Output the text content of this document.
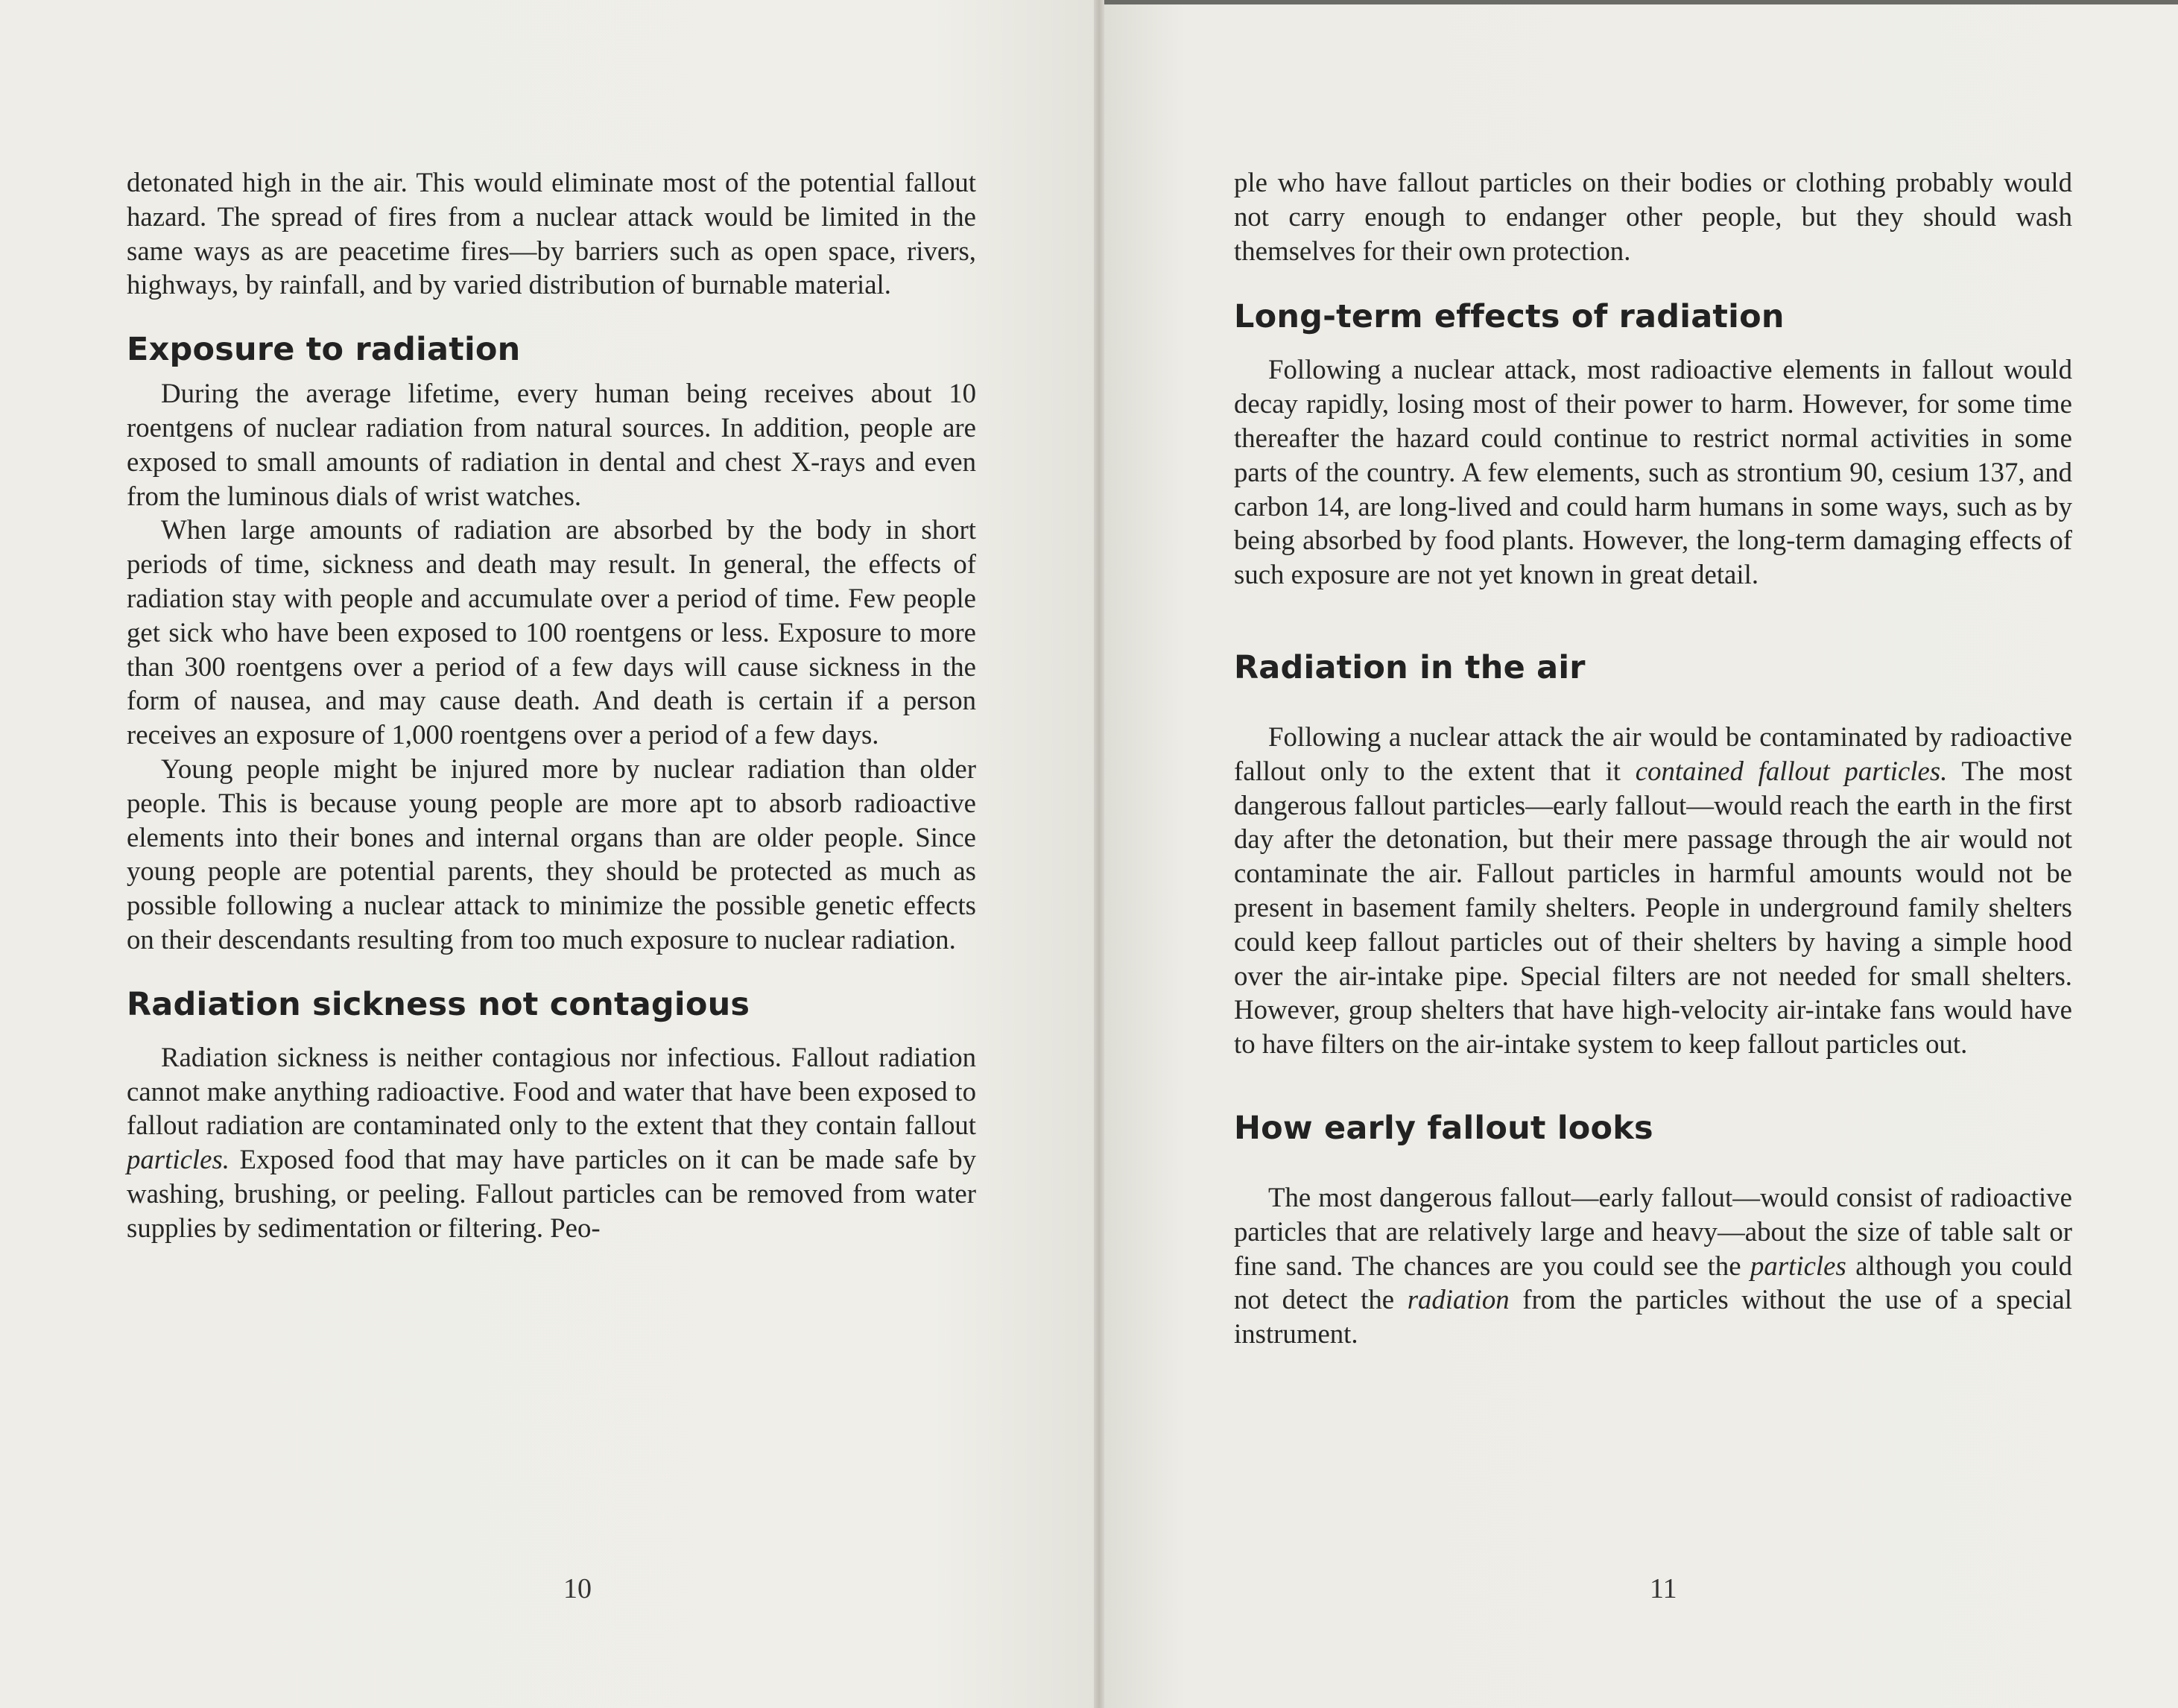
detonated high in the air. This would eliminate most of the potential fallout hazard. The spread of fires from a nuclear attack would be limited in the same ways as are peacetime fires—by barriers such as open space, rivers, highways, by rainfall, and by varied distribution of burnable material.

Exposure to radiation

During the average lifetime, every human being receives about 10 roentgens of nuclear radiation from natural sources. In addition, people are exposed to small amounts of radiation in dental and chest X-rays and even from the luminous dials of wrist watches.

When large amounts of radiation are absorbed by the body in short periods of time, sickness and death may result. In general, the effects of radiation stay with people and accumulate over a period of time. Few people get sick who have been exposed to 100 roentgens or less. Exposure to more than 300 roentgens over a period of a few days will cause sickness in the form of nausea, and may cause death. And death is certain if a person receives an exposure of 1,000 roentgens over a period of a few days.

Young people might be injured more by nuclear radiation than older people. This is because young people are more apt to absorb radioactive elements into their bones and internal organs than are older people. Since young people are potential parents, they should be protected as much as possible following a nuclear attack to minimize the possible genetic effects on their descendants resulting from too much exposure to nuclear radiation.

Radiation sickness not contagious

Radiation sickness is neither contagious nor infectious. Fallout radiation cannot make anything radioactive. Food and water that have been exposed to fallout radiation are contaminated only to the extent that they contain fallout particles. Exposed food that may have particles on it can be made safe by washing, brushing, or peeling. Fallout particles can be removed from water supplies by sedimentation or filtering. Peo-

10

ple who have fallout particles on their bodies or clothing probably would not carry enough to endanger other people, but they should wash themselves for their own protection.

Long-term effects of radiation

Following a nuclear attack, most radioactive elements in fallout would decay rapidly, losing most of their power to harm. However, for some time thereafter the hazard could continue to restrict normal activities in some parts of the country. A few elements, such as strontium 90, cesium 137, and carbon 14, are long-lived and could harm humans in some ways, such as by being absorbed by food plants. However, the long-term damaging effects of such exposure are not yet known in great detail.

Radiation in the air

Following a nuclear attack the air would be contaminated by radioactive fallout only to the extent that it contained fallout particles. The most dangerous fallout particles—early fallout—would reach the earth in the first day after the detonation, but their mere passage through the air would not contaminate the air. Fallout particles in harmful amounts would not be present in basement family shelters. People in underground family shelters could keep fallout particles out of their shelters by having a simple hood over the air-intake pipe. Special filters are not needed for small shelters. However, group shelters that have high-velocity air-intake fans would have to have filters on the air-intake system to keep fallout particles out.

How early fallout looks

The most dangerous fallout—early fallout—would consist of radioactive particles that are relatively large and heavy—about the size of table salt or fine sand. The chances are you could see the particles although you could not detect the radiation from the particles without the use of a special instrument.

11
